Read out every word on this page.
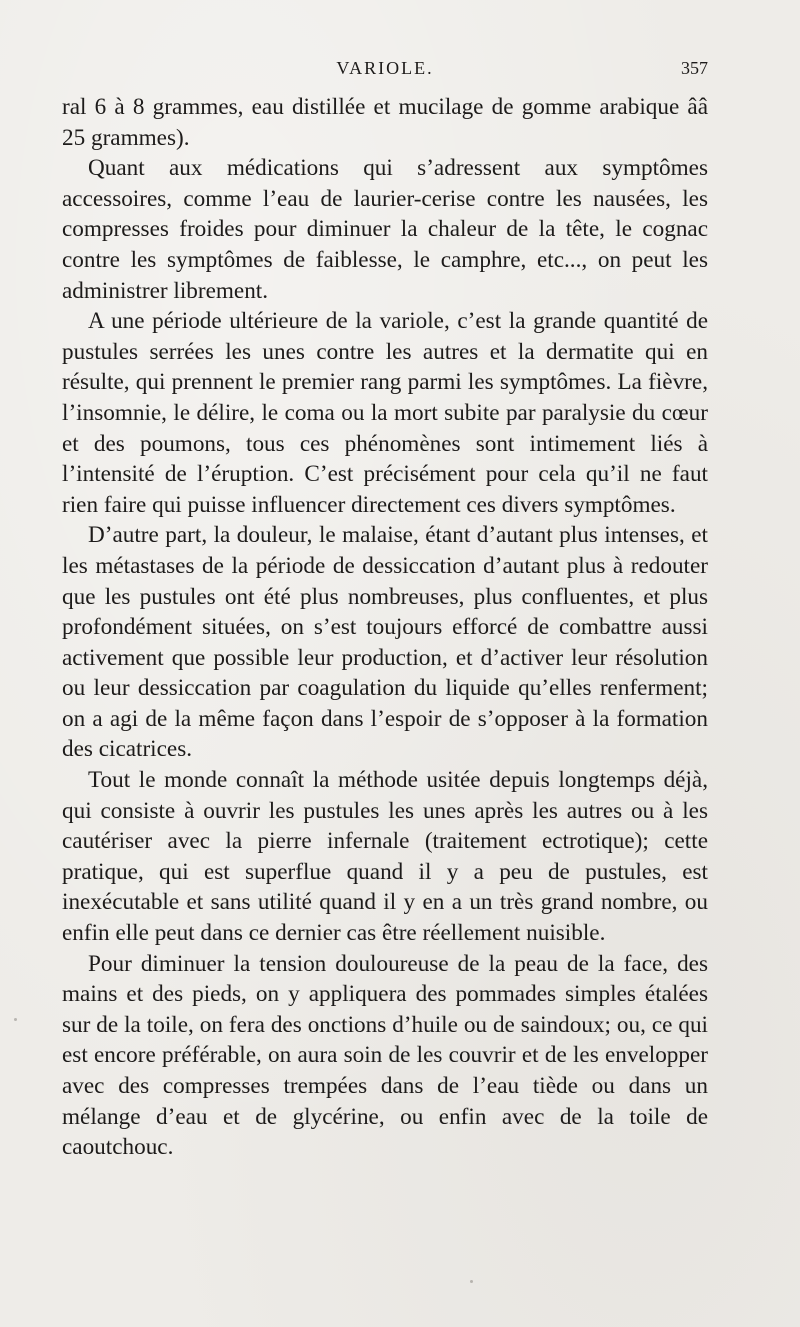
VARIOLE.	357

ral 6 à 8 grammes, eau distillée et mucilage de gomme arabique ââ 25 grammes).

Quant aux médications qui s’adressent aux symptômes accessoires, comme l’eau de laurier-cerise contre les nausées, les compresses froides pour diminuer la chaleur de la tête, le cognac contre les symptômes de faiblesse, le camphre, etc..., on peut les administrer librement.

A une période ultérieure de la variole, c’est la grande quantité de pustules serrées les unes contre les autres et la dermatite qui en résulte, qui prennent le premier rang parmi les symptômes. La fièvre, l’insomnie, le délire, le coma ou la mort subite par paralysie du cœur et des poumons, tous ces phénomènes sont intimement liés à l’intensité de l’éruption. C’est précisément pour cela qu’il ne faut rien faire qui puisse influencer directement ces divers symptômes.

D’autre part, la douleur, le malaise, étant d’autant plus intenses, et les métastases de la période de dessiccation d’autant plus à redouter que les pustules ont été plus nombreuses, plus confluentes, et plus profondément situées, on s’est toujours efforcé de combattre aussi activement que possible leur production, et d’activer leur résolution ou leur dessiccation par coagulation du liquide qu’elles renferment; on a agi de la même façon dans l’espoir de s’opposer à la formation des cicatrices.

Tout le monde connaît la méthode usitée depuis longtemps déjà, qui consiste à ouvrir les pustules les unes après les autres ou à les cautériser avec la pierre infernale (traitement ectrotique); cette pratique, qui est superflue quand il y a peu de pustules, est inexécutable et sans utilité quand il y en a un très grand nombre, ou enfin elle peut dans ce dernier cas être réellement nuisible.

Pour diminuer la tension douloureuse de la peau de la face, des mains et des pieds, on y appliquera des pommades simples étalées sur de la toile, on fera des onctions d’huile ou de saindoux; ou, ce qui est encore préférable, on aura soin de les couvrir et de les envelopper avec des compresses trempées dans de l’eau tiède ou dans un mélange d’eau et de glycérine, ou enfin avec de la toile de caoutchouc.
